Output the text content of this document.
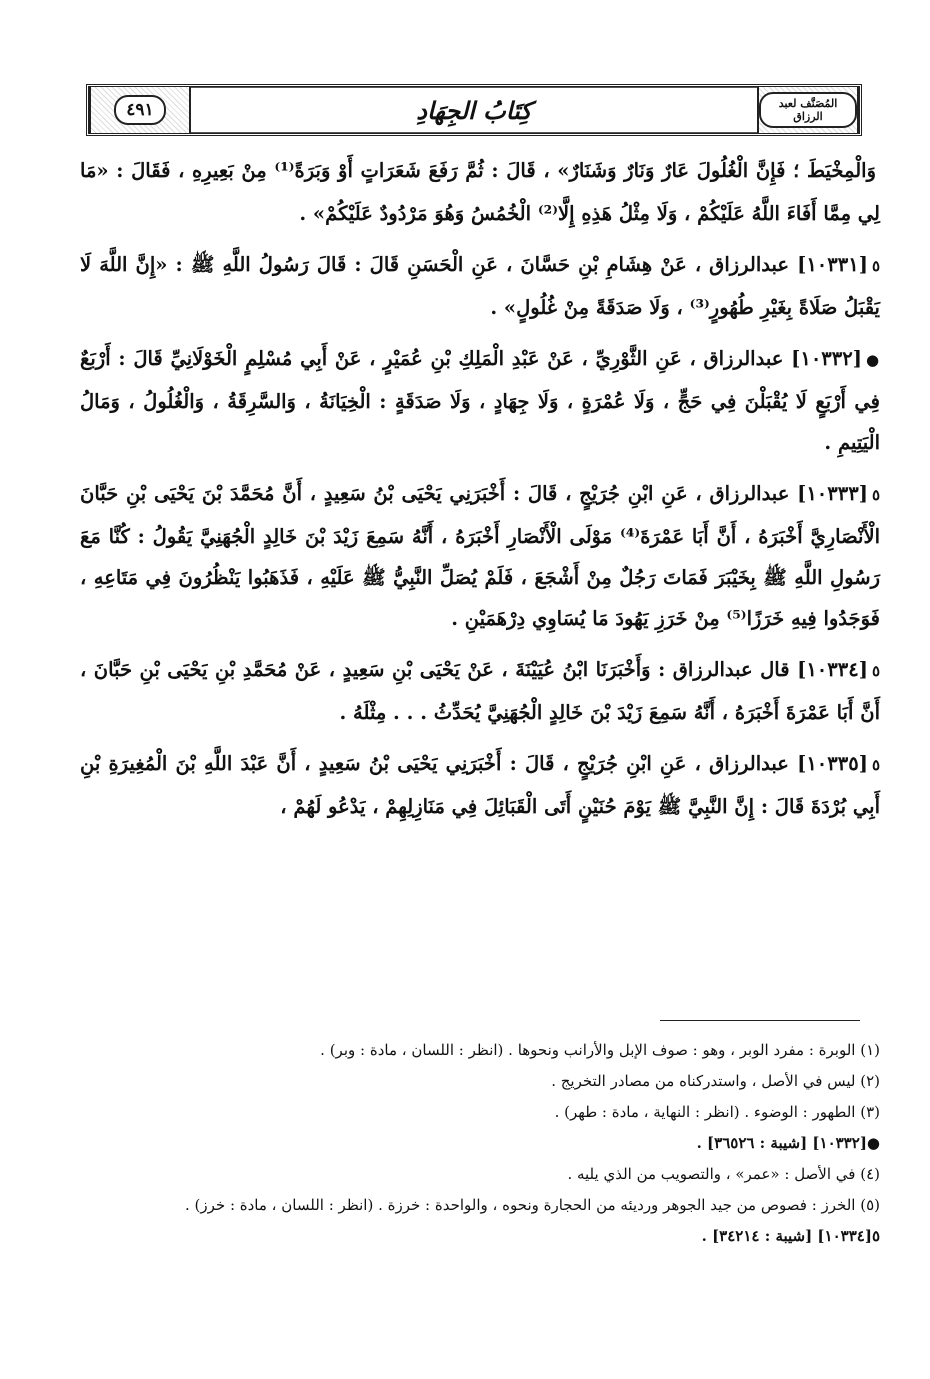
٤٩١	كِتَابُ الجِهَادِ	المُصَنَّف لعبد الرزاق

وَالْمِخْيَطَ ؛ فَإِنَّ الْغُلُولَ عَارٌ وَنَارٌ وَشَنَارٌ» ، قَالَ : ثُمَّ رَفَعَ شَعَرَاتٍ أَوْ وَبَرَةً⁽¹⁾ مِنْ بَعِيرِهِ ، فَقَالَ : «مَا لِي مِمَّا أَفَاءَ اللَّهُ عَلَيْكُمْ ، وَلَا مِثْلُ هَذِهِ إِلَّا⁽²⁾ الْخُمُسُ وَهُوَ مَرْدُودٌ عَلَيْكُمْ» .

٥[١٠٣٣١] عبدالرزاق ، عَنْ هِشَامِ بْنِ حَسَّانَ ، عَنِ الْحَسَنِ قَالَ : قَالَ رَسُولُ اللَّهِ ﷺ : «إِنَّ اللَّهَ لَا يَقْبَلُ صَلَاةً بِغَيْرِ طُهُورٍ⁽³⁾ ، وَلَا صَدَقَةً مِنْ غُلُولٍ» .

●[١٠٣٣٢] عبدالرزاق ، عَنِ الثَّوْرِيِّ ، عَنْ عَبْدِ الْمَلِكِ بْنِ عُمَيْرٍ ، عَنْ أَبِي مُسْلِمٍ الْخَوْلَانِيِّ قَالَ : أَرْبَعٌ فِي أَرْبَعٍ لَا يُقْبَلْنَ فِي حَجٍّ ، وَلَا عُمْرَةٍ ، وَلَا جِهَادٍ ، وَلَا صَدَقَةٍ : الْخِيَانَةُ ، وَالسَّرِقَةُ ، وَالْغُلُولُ ، وَمَالُ الْيَتِيمِ .

٥[١٠٣٣٣] عبدالرزاق ، عَنِ ابْنِ جُرَيْجٍ ، قَالَ : أَخْبَرَنِي يَحْيَى بْنُ سَعِيدٍ ، أَنَّ مُحَمَّدَ بْنَ يَحْيَى بْنِ حَبَّانَ الْأَنْصَارِيَّ أَخْبَرَهُ ، أَنَّ أَبَا عَمْرَةَ⁽⁴⁾ مَوْلَى الْأَنْصَارِ أَخْبَرَهُ ، أَنَّهُ سَمِعَ زَيْدَ بْنَ خَالِدٍ الْجُهَنِيَّ يَقُولُ : كُنَّا مَعَ رَسُولِ اللَّهِ ﷺ بِخَيْبَرَ فَمَاتَ رَجُلٌ مِنْ أَشْجَعَ ، فَلَمْ يُصَلِّ النَّبِيُّ ﷺ عَلَيْهِ ، فَذَهَبُوا يَنْظُرُونَ فِي مَتَاعِهِ ، فَوَجَدُوا فِيهِ خَرَزًا⁽⁵⁾ مِنْ خَرَزِ يَهُودَ مَا يُسَاوِي دِرْهَمَيْنِ .

٥[١٠٣٣٤] قال عبدالرزاق : وَأَخْبَرَنَا ابْنُ عُيَيْنَةَ ، عَنْ يَحْيَى بْنِ سَعِيدٍ ، عَنْ مُحَمَّدِ بْنِ يَحْيَى بْنِ حَبَّانَ ، أَنَّ أَبَا عَمْرَةَ أَخْبَرَهُ ، أَنَّهُ سَمِعَ زَيْدَ بْنَ خَالِدٍ الْجُهَنِيَّ يُحَدِّثُ . . . مِثْلَهُ .

٥[١٠٣٣٥] عبدالرزاق ، عَنِ ابْنِ جُرَيْجٍ ، قَالَ : أَخْبَرَنِي يَحْيَى بْنُ سَعِيدٍ ، أَنَّ عَبْدَ اللَّهِ بْنَ الْمُغِيرَةِ بْنِ أَبِي بُرْدَةَ قَالَ : إِنَّ النَّبِيَّ ﷺ يَوْمَ حُنَيْنٍ أَتَى الْقَبَائِلَ فِي مَنَازِلِهِمْ ، يَدْعُو لَهُمْ ،

(١) الوبرة : مفرد الوبر ، وهو : صوف الإبل والأرانب ونحوها . (انظر : اللسان ، مادة : وبر) .

(٢) ليس في الأصل ، واستدركناه من مصادر التخريج .

(٣) الطهور : الوضوء . (انظر : النهاية ، مادة : طهر) .

●[١٠٣٣٢] [شيبة : ٣٦٥٢٦] .

(٤) في الأصل : «عمر» ، والتصويب من الذي يليه .

(٥) الخرز : فصوص من جيد الجوهر ورديئه من الحجارة ونحوه ، والواحدة : خرزة . (انظر : اللسان ، مادة : خرز) .

٥[١٠٣٣٤] [شيبة : ٣٤٢١٤] .
